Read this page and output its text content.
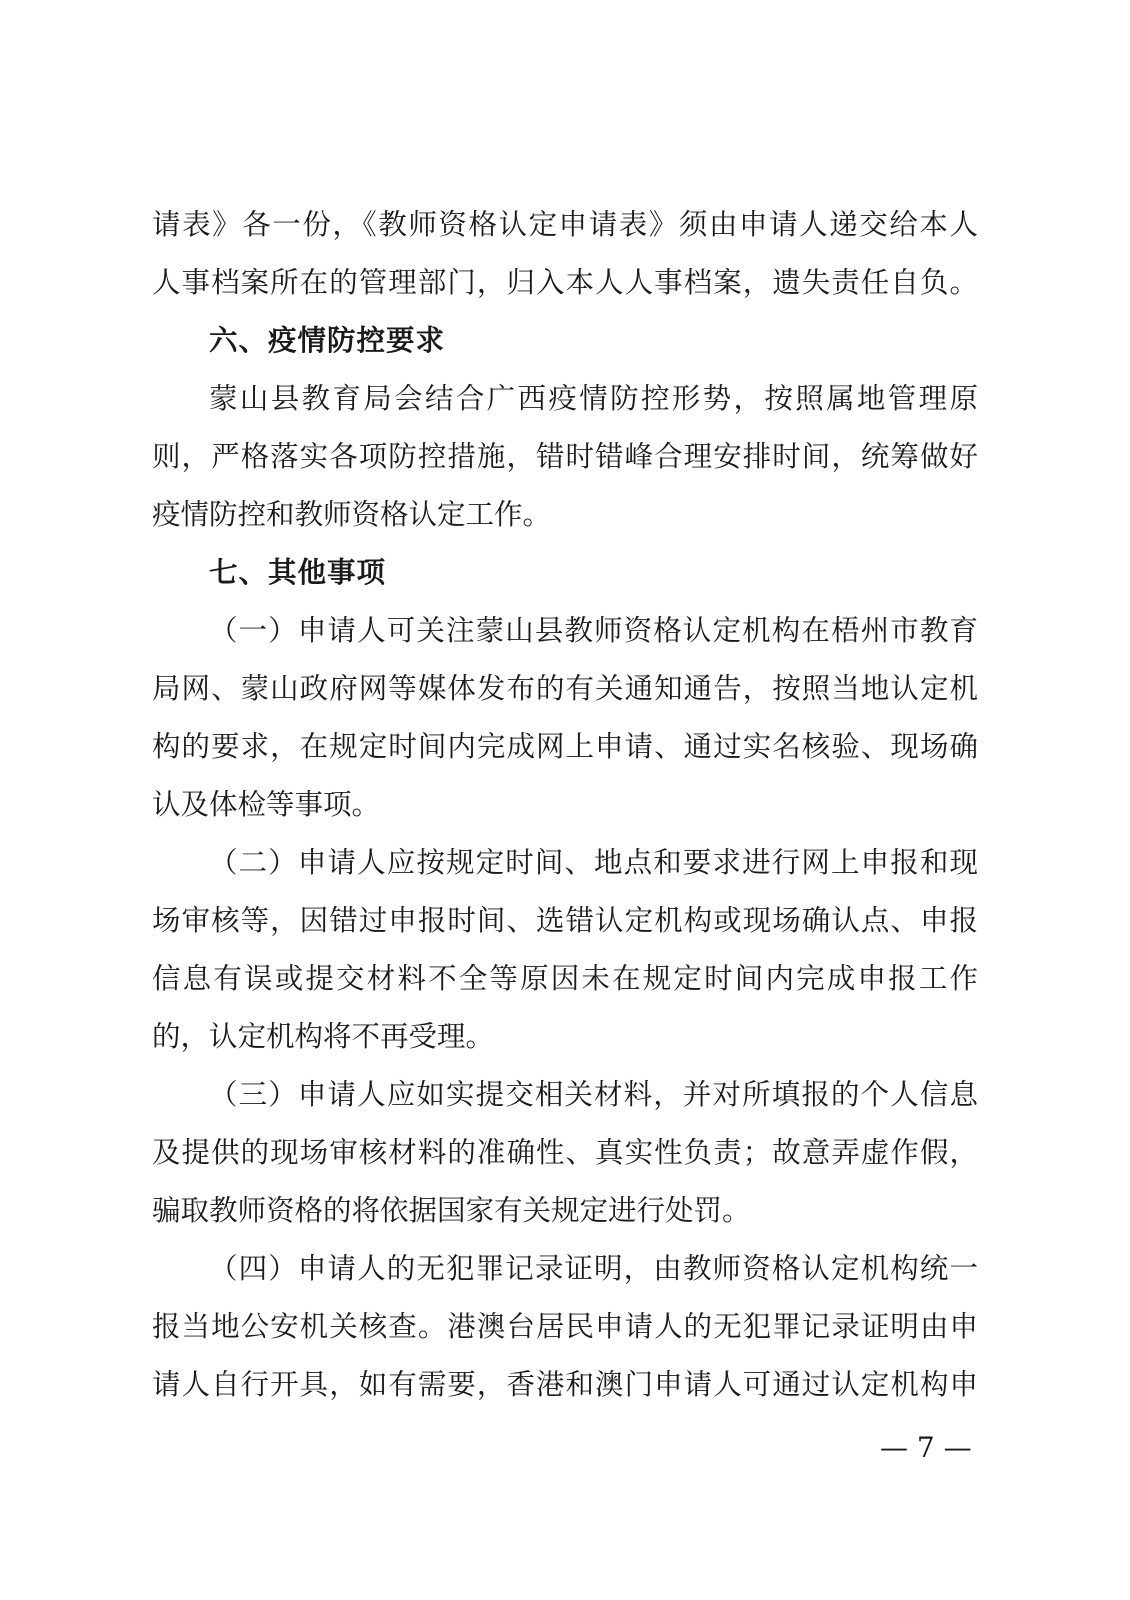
请表》各一份，《教师资格认定申请表》须由申请人递交给本人
人事档案所在的管理部门，归入本人人事档案，遗失责任自负。
六、疫情防控要求
蒙山县教育局会结合广西疫情防控形势，按照属地管理原
则，严格落实各项防控措施，错时错峰合理安排时间，统筹做好
疫情防控和教师资格认定工作。
七、其他事项
（一）申请人可关注蒙山县教师资格认定机构在梧州市教育
局网、蒙山政府网等媒体发布的有关通知通告，按照当地认定机
构的要求，在规定时间内完成网上申请、通过实名核验、现场确
认及体检等事项。
（二）申请人应按规定时间、地点和要求进行网上申报和现
场审核等，因错过申报时间、选错认定机构或现场确认点、申报
信息有误或提交材料不全等原因未在规定时间内完成申报工作
的，认定机构将不再受理。
（三）申请人应如实提交相关材料，并对所填报的个人信息
及提供的现场审核材料的准确性、真实性负责；故意弄虚作假，
骗取教师资格的将依据国家有关规定进行处罚。
（四）申请人的无犯罪记录证明，由教师资格认定机构统一
报当地公安机关核查。港澳台居民申请人的无犯罪记录证明由申
请人自行开具，如有需要，香港和澳门申请人可通过认定机构申
— 7 —
